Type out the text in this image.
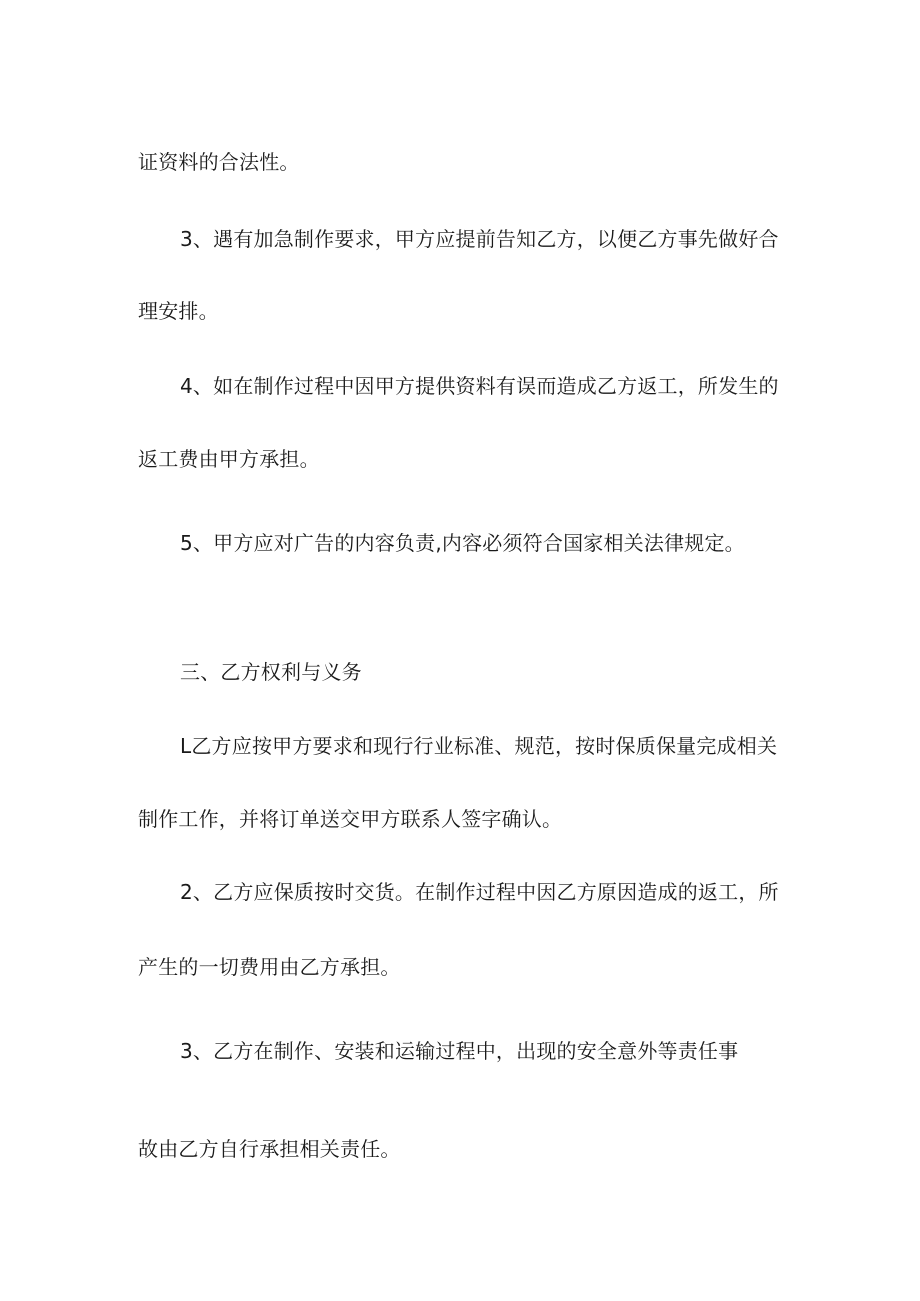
证资料的合法性。
3、遇有加急制作要求，甲方应提前告知乙方，以便乙方事先做好合
理安排。
4、如在制作过程中因甲方提供资料有误而造成乙方返工，所发生的
返工费由甲方承担。
5、甲方应对广告的内容负责,内容必须符合国家相关法律规定。
三、乙方权利与义务
L乙方应按甲方要求和现行行业标准、规范，按时保质保量完成相关
制作工作，并将订单送交甲方联系人签字确认。
2、乙方应保质按时交货。在制作过程中因乙方原因造成的返工，所
产生的一切费用由乙方承担。
3、乙方在制作、安装和运输过程中，出现的安全意外等责任事
故由乙方自行承担相关责任。
